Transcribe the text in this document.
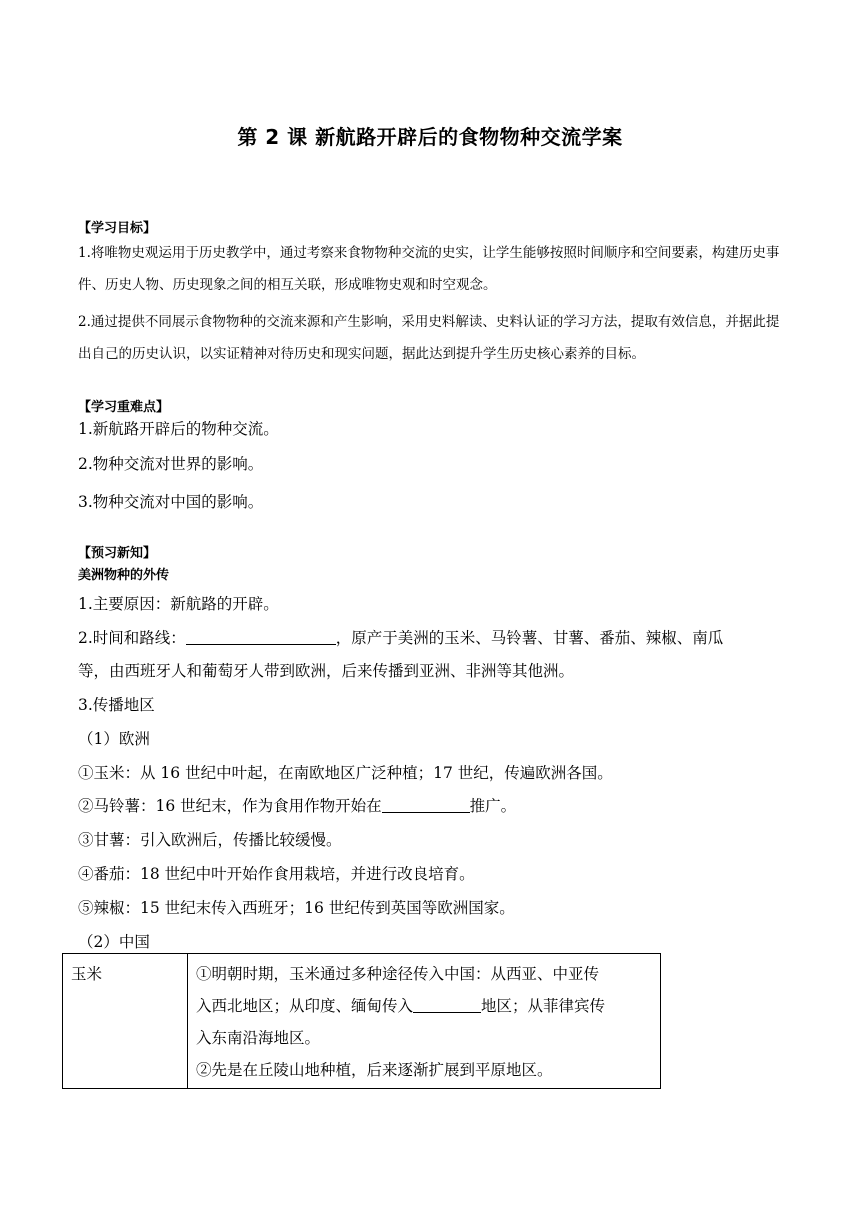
第 2 课 新航路开辟后的食物物种交流学案
【学习目标】
1.将唯物史观运用于历史教学中，通过考察来食物物种交流的史实，让学生能够按照时间顺序和空间要素，构建历史事件、历史人物、历史现象之间的相互关联，形成唯物史观和时空观念。
2.通过提供不同展示食物物种的交流来源和产生影响，采用史料解读、史料认证的学习方法，提取有效信息，并据此提出自己的历史认识，以实证精神对待历史和现实问题，据此达到提升学生历史核心素养的目标。
【学习重难点】
1.新航路开辟后的物种交流。
2.物种交流对世界的影响。
3.物种交流对中国的影响。
【预习新知】
美洲物种的外传
1.主要原因：新航路的开辟。
2.时间和路线：	，原产于美洲的玉米、马铃薯、甘薯、番茄、辣椒、南瓜
等，由西班牙人和葡萄牙人带到欧洲，后来传播到亚洲、非洲等其他洲。
3.传播地区
（1）欧洲
①玉米：从 16 世纪中叶起，在南欧地区广泛种植；17 世纪，传遍欧洲各国。
②马铃薯：16 世纪末，作为食用作物开始在	推广。
③甘薯：引入欧洲后，传播比较缓慢。
④番茄：18 世纪中叶开始作食用栽培，并进行改良培育。
⑤辣椒：15 世纪末传入西班牙；16 世纪传到英国等欧洲国家。
（2）中国
玉米	①明朝时期，玉米通过多种途径传入中国：从西亚、中亚传
入西北地区；从印度、缅甸传入	地区；从菲律宾传
入东南沿海地区。
②先是在丘陵山地种植，后来逐渐扩展到平原地区。
